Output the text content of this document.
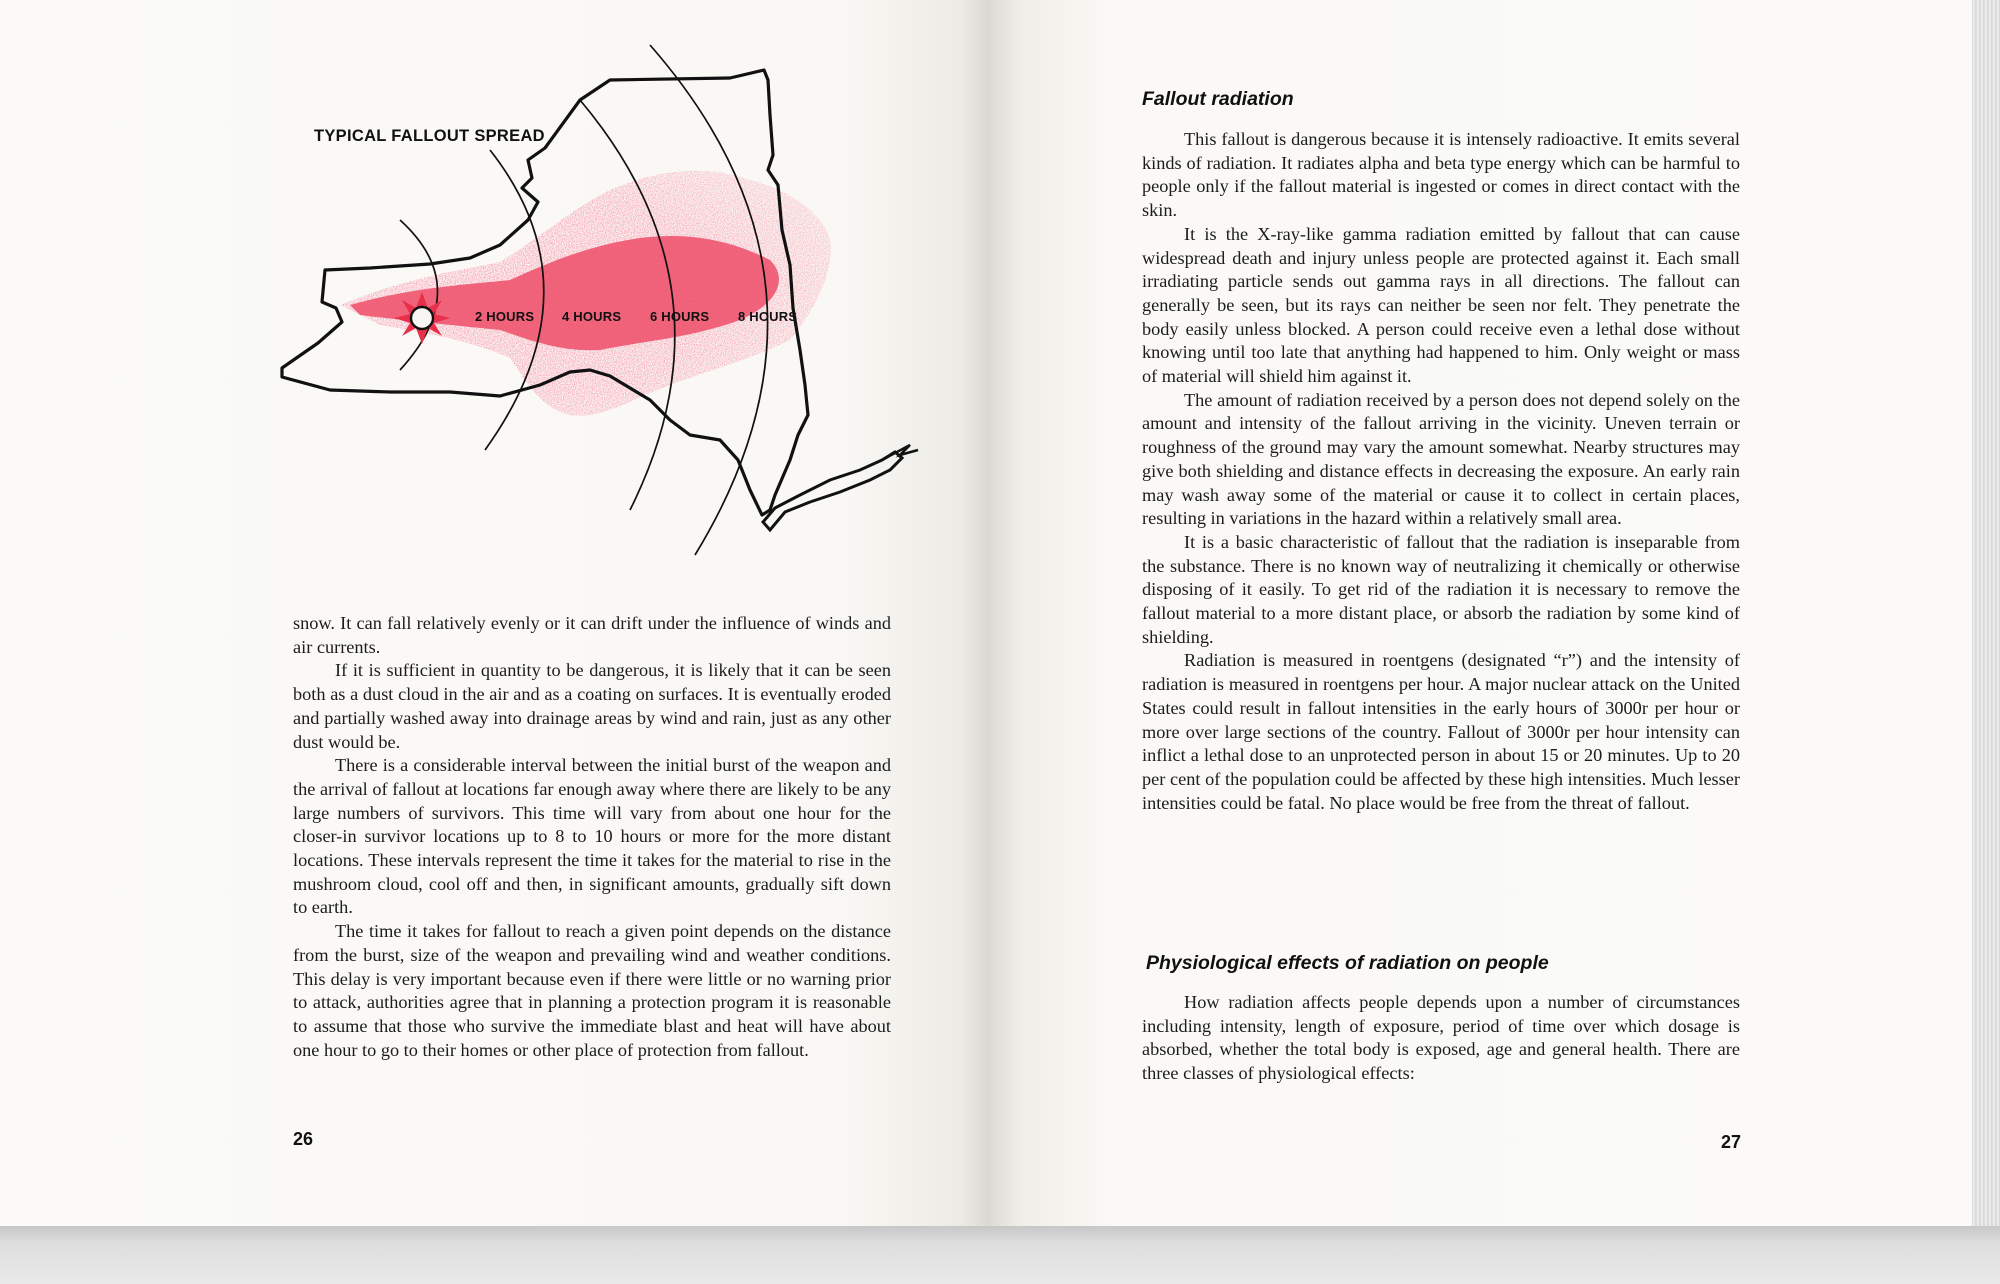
TYPICAL FALLOUT SPREAD
2 HOURS 4 HOURS 6 HOURS 8 HOURS

snow. It can fall relatively evenly or it can drift under the influence of winds and air currents.

If it is sufficient in quantity to be dangerous, it is likely that it can be seen both as a dust cloud in the air and as a coating on surfaces. It is eventually eroded and partially washed away into drainage areas by wind and rain, just as any other dust would be.

There is a considerable interval between the initial burst of the weapon and the arrival of fallout at locations far enough away where there are likely to be any large numbers of survivors. This time will vary from about one hour for the closer-in survivor locations up to 8 to 10 hours or more for the more distant locations. These intervals represent the time it takes for the material to rise in the mushroom cloud, cool off and then, in significant amounts, gradually sift down to earth.

The time it takes for fallout to reach a given point depends on the distance from the burst, size of the weapon and prevailing wind and weather conditions. This delay is very important because even if there were little or no warning prior to attack, authorities agree that in planning a protection program it is reasonable to assume that those who survive the immediate blast and heat will have about one hour to go to their homes or other place of protection from fallout.

26
Fallout radiation

This fallout is dangerous because it is intensely radioactive. It emits several kinds of radiation. It radiates alpha and beta type energy which can be harmful to people only if the fallout material is ingested or comes in direct contact with the skin.

It is the X-ray-like gamma radiation emitted by fallout that can cause widespread death and injury unless people are protected against it. Each small irradiating particle sends out gamma rays in all directions. The fallout can generally be seen, but its rays can neither be seen nor felt. They penetrate the body easily unless blocked. A person could receive even a lethal dose without knowing until too late that anything had happened to him. Only weight or mass of material will shield him against it.

The amount of radiation received by a person does not depend solely on the amount and intensity of the fallout arriving in the vicinity. Uneven terrain or roughness of the ground may vary the amount somewhat. Nearby structures may give both shielding and distance effects in decreasing the exposure. An early rain may wash away some of the material or cause it to collect in certain places, resulting in variations in the hazard within a relatively small area.

It is a basic characteristic of fallout that the radiation is inseparable from the substance. There is no known way of neutralizing it chemically or otherwise disposing of it easily. To get rid of the radiation it is necessary to remove the fallout material to a more distant place, or absorb the radiation by some kind of shielding.

Radiation is measured in roentgens (designated “r”) and the intensity of radiation is measured in roentgens per hour. A major nuclear attack on the United States could result in fallout intensities in the early hours of 3000r per hour or more over large sections of the country. Fallout of 3000r per hour intensity can inflict a lethal dose to an unprotected person in about 15 or 20 minutes. Up to 20 per cent of the population could be affected by these high intensities. Much lesser intensities could be fatal. No place would be free from the threat of fallout.

Physiological effects of radiation on people

How radiation affects people depends upon a number of circumstances including intensity, length of exposure, period of time over which dosage is absorbed, whether the total body is exposed, age and general health. There are three classes of physiological effects:

27
